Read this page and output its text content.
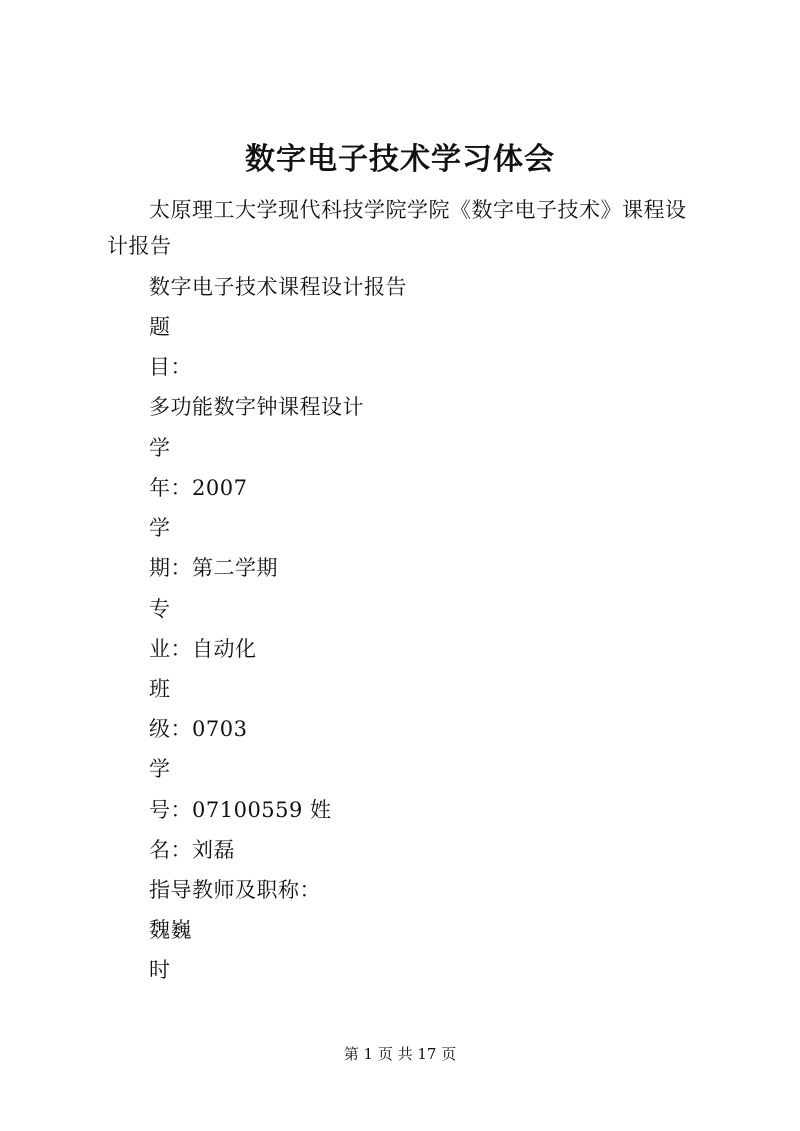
数字电子技术学习体会

太原理工大学现代科技学院学院《数字电子技术》课程设计报告

数字电子技术课程设计报告

题

目：

多功能数字钟课程设计

学

年：2007

学

期：第二学期

专

业：自动化

班

级：0703

学

号：07100559 姓

名：刘磊

指导教师及职称：

魏巍

时

第 1 页 共 17 页
